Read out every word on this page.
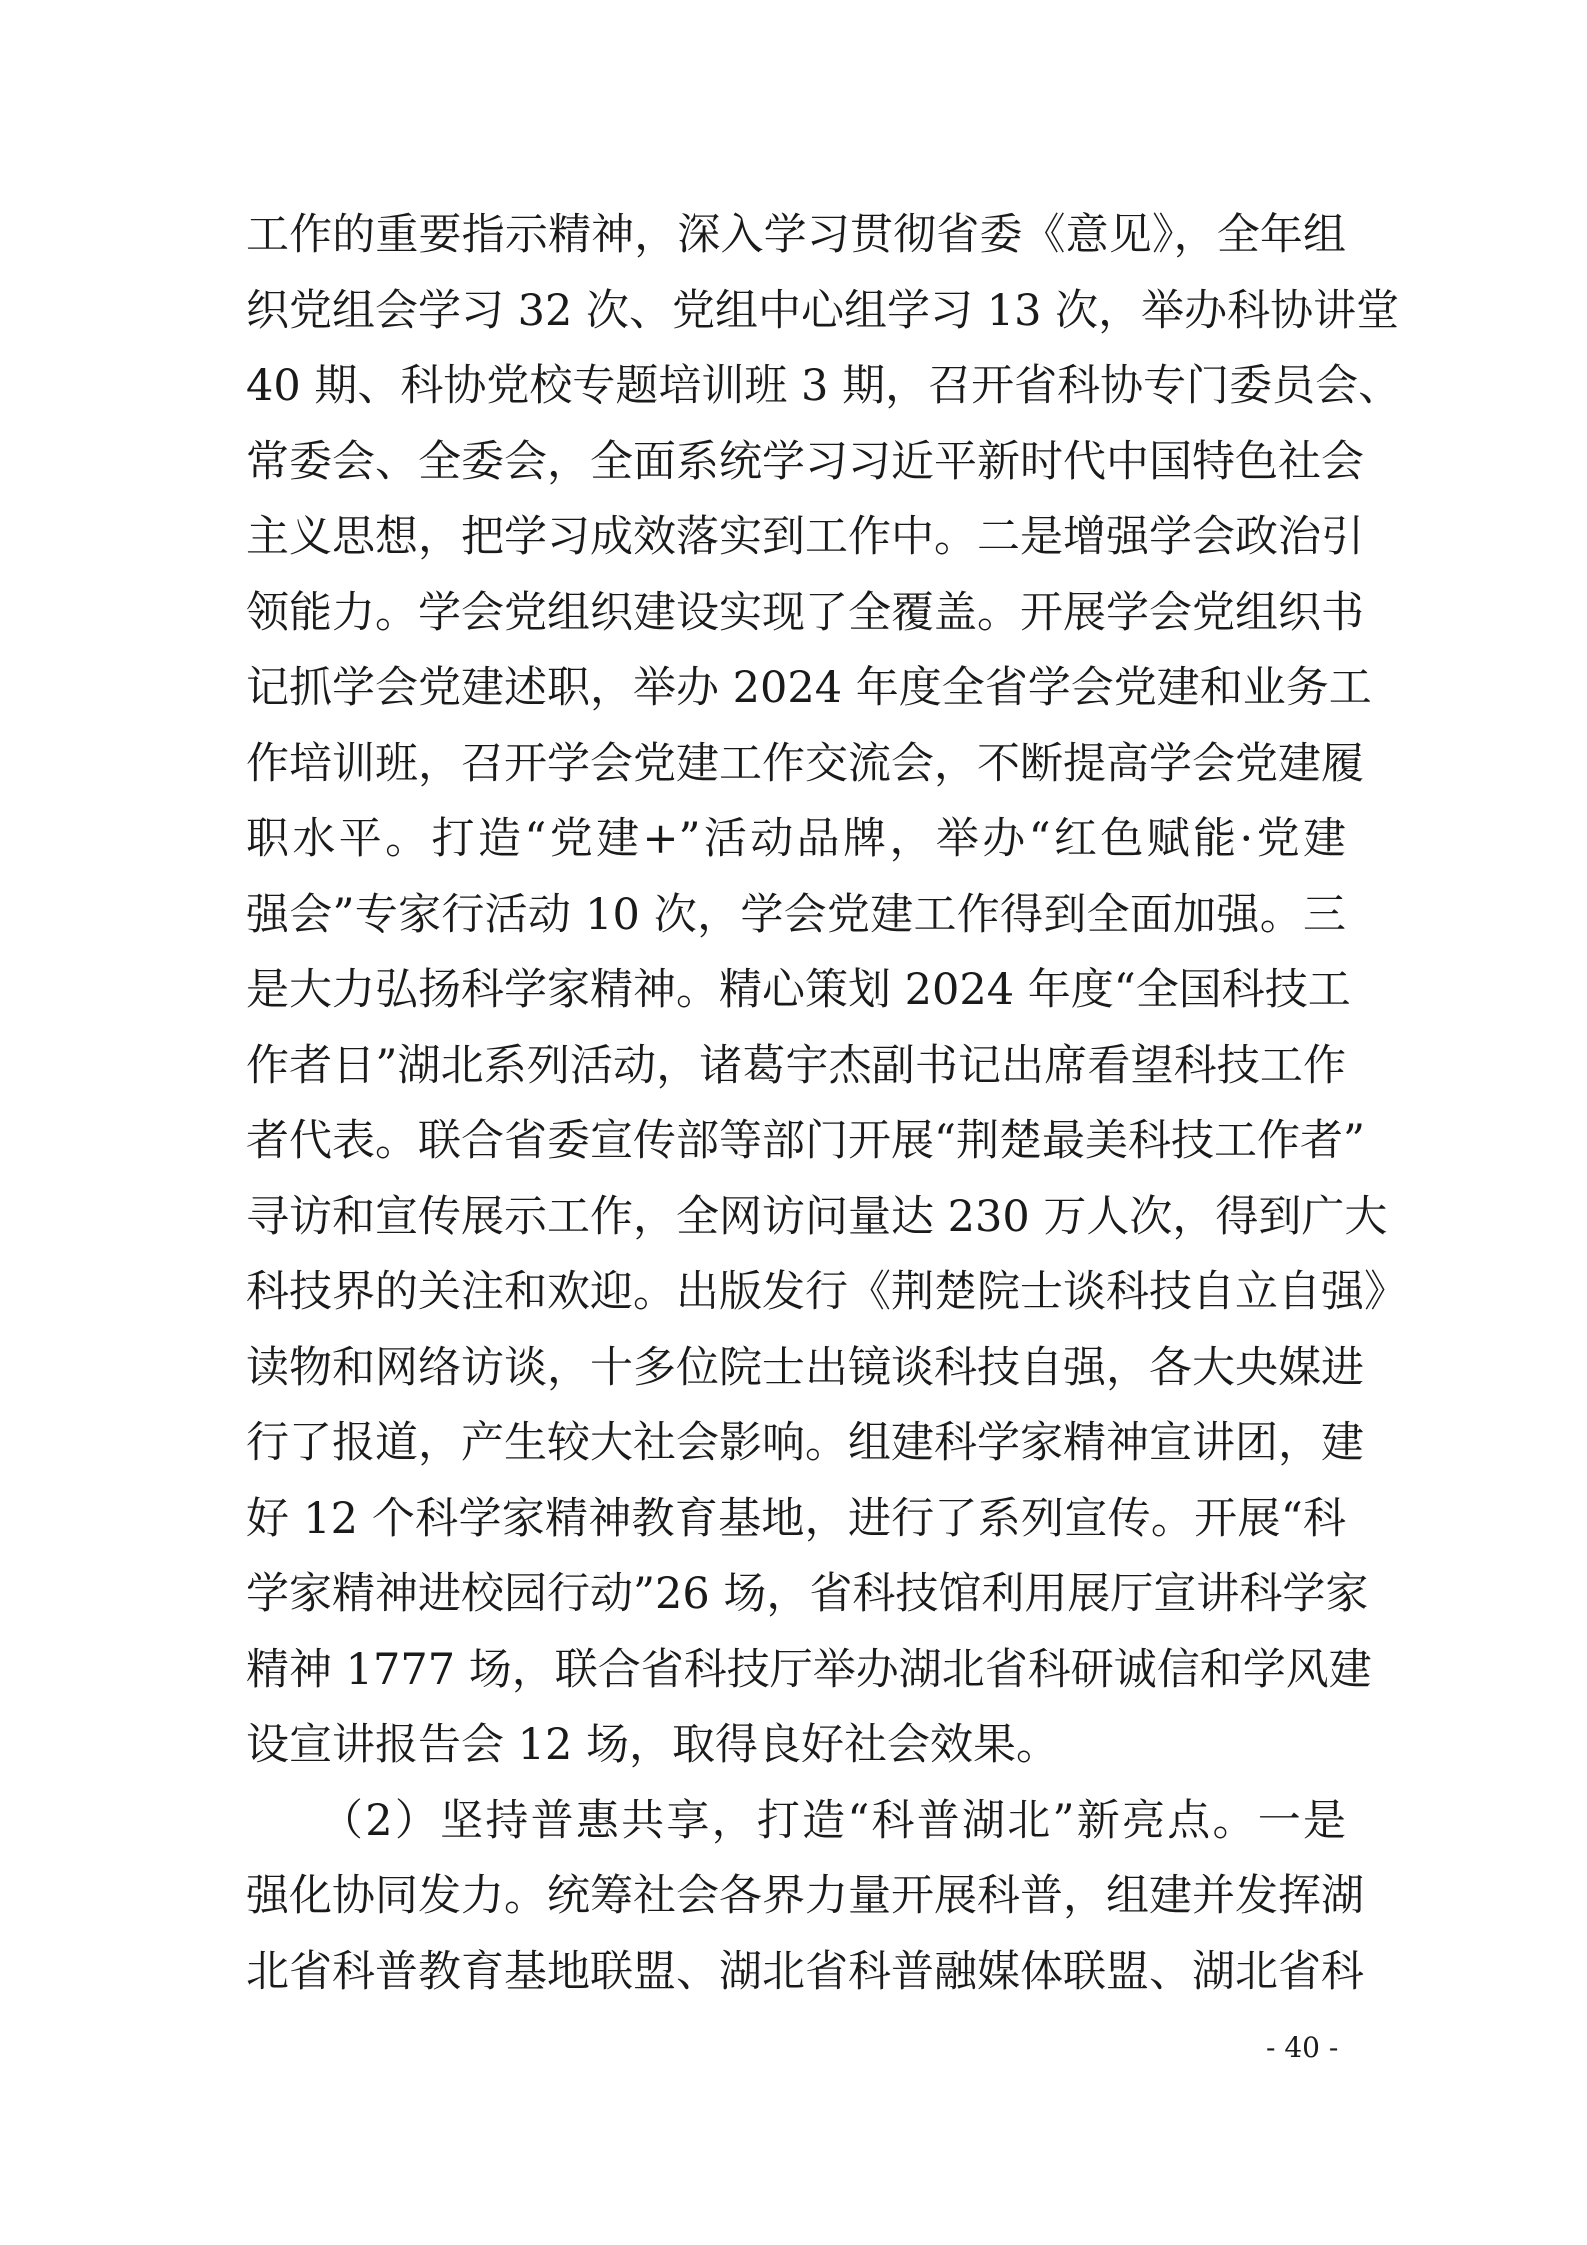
工作的重要指示精神，深入学习贯彻省委《意见》，全年组
织党组会学习 32 次、党组中心组学习 13 次，举办科协讲堂
40 期、科协党校专题培训班 3 期，召开省科协专门委员会、
常委会、全委会，全面系统学习习近平新时代中国特色社会
主义思想，把学习成效落实到工作中。二是增强学会政治引
领能力。学会党组织建设实现了全覆盖。开展学会党组织书
记抓学会党建述职，举办 2024 年度全省学会党建和业务工
作培训班，召开学会党建工作交流会，不断提高学会党建履
职水平。打造“党建+”活动品牌，举办“红色赋能·党建
强会”专家行活动 10 次，学会党建工作得到全面加强。三
是大力弘扬科学家精神。精心策划 2024 年度“全国科技工
作者日”湖北系列活动，诸葛宇杰副书记出席看望科技工作
者代表。联合省委宣传部等部门开展“荆楚最美科技工作者”
寻访和宣传展示工作，全网访问量达 230 万人次，得到广大
科技界的关注和欢迎。出版发行《荆楚院士谈科技自立自强》
读物和网络访谈，十多位院士出镜谈科技自强，各大央媒进
行了报道，产生较大社会影响。组建科学家精神宣讲团，建
好 12 个科学家精神教育基地，进行了系列宣传。开展“科
学家精神进校园行动”26 场，省科技馆利用展厅宣讲科学家
精神 1777 场，联合省科技厅举办湖北省科研诚信和学风建
设宣讲报告会 12 场，取得良好社会效果。
（2）坚持普惠共享，打造“科普湖北”新亮点。一是
强化协同发力。统筹社会各界力量开展科普，组建并发挥湖
北省科普教育基地联盟、湖北省科普融媒体联盟、湖北省科
- 40 -
